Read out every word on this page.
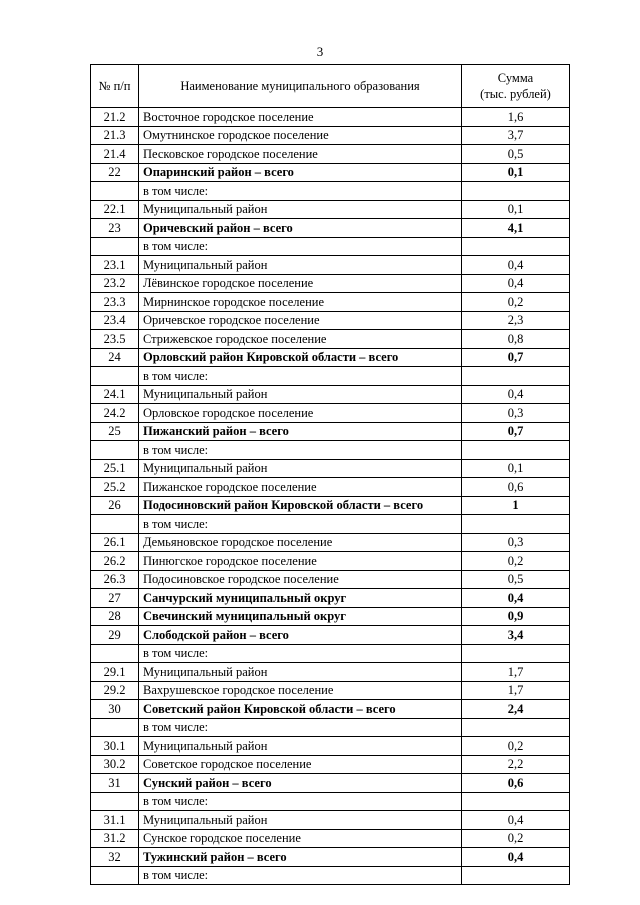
3
№ п/п	Наименование муниципального образования	Сумма
(тыс. рублей)
21.2	Восточное городское поселение	1,6
21.3	Омутнинское городское поселение	3,7
21.4	Песковское городское поселение	0,5
22	Опаринский район – всего	0,1
	в том числе:	
22.1	Муниципальный район	0,1
23	Оричевский район – всего	4,1
	в том числе:	
23.1	Муниципальный район	0,4
23.2	Лёвинское городское поселение	0,4
23.3	Мирнинское городское поселение	0,2
23.4	Оричевское городское поселение	2,3
23.5	Стрижевское городское поселение	0,8
24	Орловский район Кировской области – всего	0,7
	в том числе:	
24.1	Муниципальный район	0,4
24.2	Орловское городское поселение	0,3
25	Пижанский район – всего	0,7
	в том числе:	
25.1	Муниципальный район	0,1
25.2	Пижанское городское поселение	0,6
26	Подосиновский район Кировской области – всего	1
	в том числе:	
26.1	Демьяновское городское поселение	0,3
26.2	Пинюгское городское поселение	0,2
26.3	Подосиновское городское поселение	0,5
27	Санчурский муниципальный округ	0,4
28	Свечинский муниципальный округ	0,9
29	Слободской район – всего	3,4
	в том числе:	
29.1	Муниципальный район	1,7
29.2	Вахрушевское городское поселение	1,7
30	Советский район Кировской области – всего	2,4
	в том числе:	
30.1	Муниципальный район	0,2
30.2	Советское городское поселение	2,2
31	Сунский район – всего	0,6
	в том числе:	
31.1	Муниципальный район	0,4
31.2	Сунское городское поселение	0,2
32	Тужинский район – всего	0,4
	в том числе:	
